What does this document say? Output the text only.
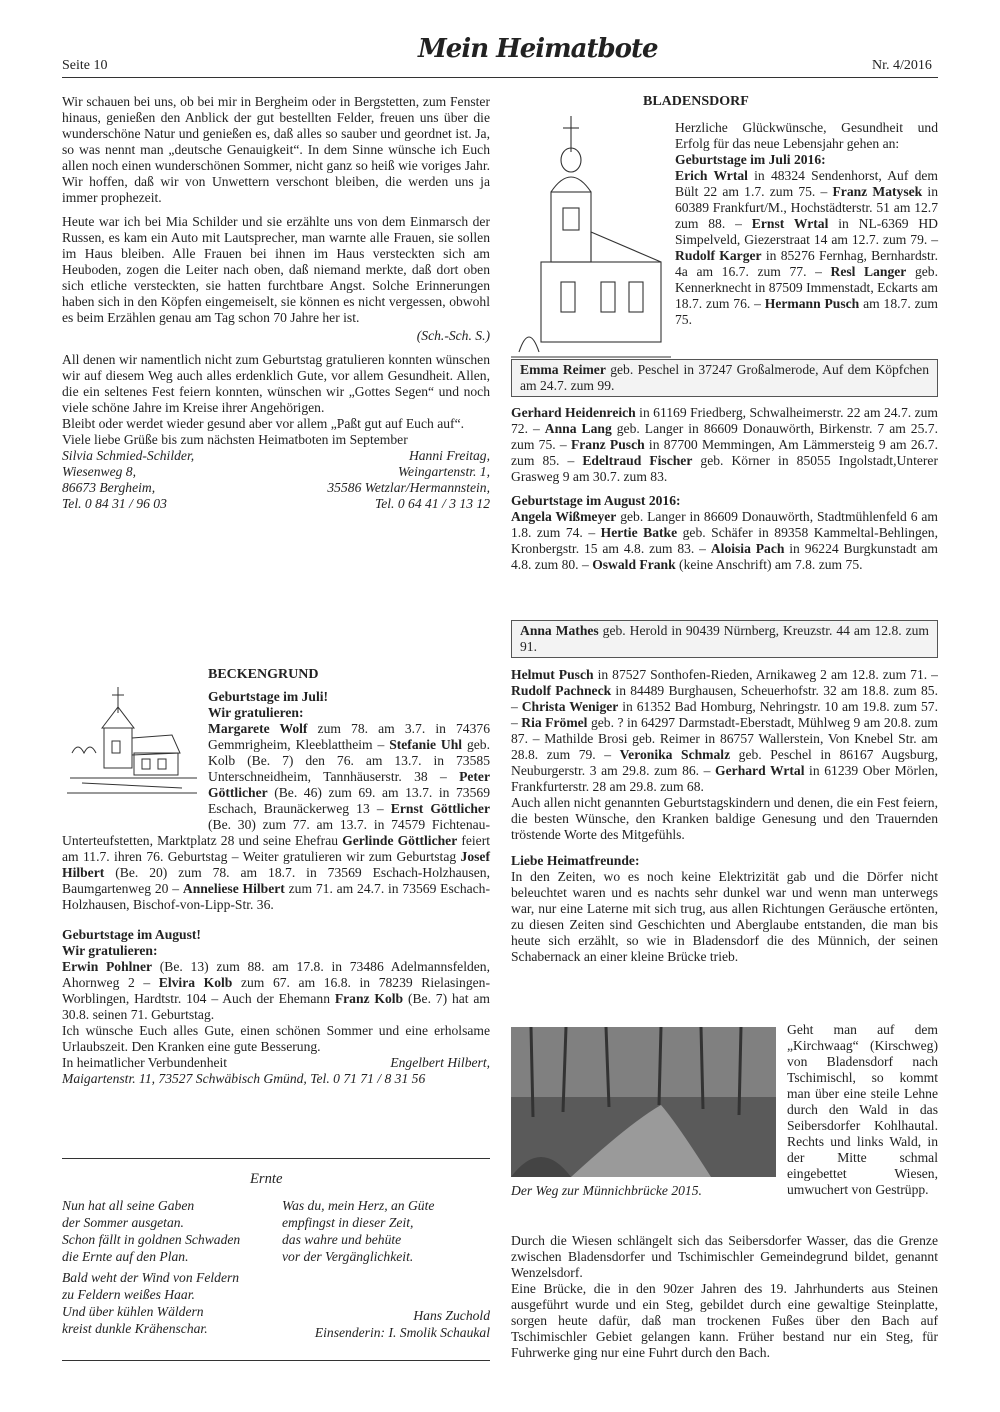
Seite 10
Mein Heimatbote
Nr. 4/2016

Wir schauen bei uns, ob bei mir in Bergheim oder in Bergstetten, zum Fenster hinaus, genießen den Anblick der gut bestellten Felder, freuen uns über die wunderschöne Natur und genießen es, daß alles so sauber und geordnet ist. Ja, so was nennt man „deutsche Genauigkeit“. In dem Sinne wünsche ich Euch allen noch einen wunderschönen Sommer, nicht ganz so heiß wie voriges Jahr. Wir hoffen, daß wir von Unwettern verschont bleiben, die werden uns ja immer prophezeit.

Heute war ich bei Mia Schilder und sie erzählte uns von dem Einmarsch der Russen, es kam ein Auto mit Lautsprecher, man warnte alle Frauen, sie sollen im Haus bleiben. Alle Frauen bei ihnen im Haus versteckten sich am Heuboden, zogen die Leiter nach oben, daß niemand merkte, daß dort oben sich etliche versteckten, sie hatten furchtbare Angst. Solche Erinnerungen haben sich in den Köpfen eingemeiselt, sie können es nicht vergessen, obwohl es beim Erzählen genau am Tag schon 70 Jahre her ist.

(Sch.-Sch. S.)
All denen wir namentlich nicht zum Geburtstag gratulieren konnten wünschen wir auf diesem Weg auch alles erdenklich Gute, vor allem Gesundheit. Allen, die ein seltenes Fest feiern konnten, wünschen wir „Gottes Segen“ und noch viele schöne Jahre im Kreise ihrer Angehörigen.
Bleibt oder werdet wieder gesund aber vor allem „Paßt gut auf Euch auf“.
Viele liebe Grüße bis zum nächsten Heimatboten im September
Silvia Schmied-Schilder,	Hanni Freitag,
Wiesenweg 8,	Weingartenstr. 1,
86673 Bergheim,	35586 Wetzlar/Hermannstein,
Tel. 0 84 31 / 96 03	Tel. 0 64 41 / 3 13 12
BECKENGRUND
Geburtstage im Juli!
Wir gratulieren:
Margarete Wolf zum 78. am 3.7. in 74376 Gemmrigheim, Kleeblattheim – Stefanie Uhl geb. Kolb (Be. 7) den 76. am 13.7. in 73585 Unterschneidheim, Tannhäuserstr. 38 – Peter Göttlicher (Be. 46) zum 69. am 13.7. in 73569 Eschach, Braunäckerweg 13 – Ernst Göttlicher (Be. 30) zum 77. am 13.7. in 74579 Fichtenau-Unterteufstetten, Marktplatz 28 und seine Ehefrau Gerlinde Göttlicher feiert am 11.7. ihren 76. Geburtstag – Weiter gratulieren wir zum Geburtstag Josef Hilbert (Be. 20) zum 78. am 18.7. in 73569 Eschach-Holzhausen, Baumgartenweg 20 – Anneliese Hilbert zum 71. am 24.7. in 73569 Eschach-Holzhausen, Bischof-von-Lipp-Str. 36.
Geburtstage im August!
Wir gratulieren:
Erwin Pohlner (Be. 13) zum 88. am 17.8. in 73486 Adelmannsfelden, Ahornweg 2 – Elvira Kolb zum 67. am 16.8. in 78239 Rielasingen-Worblingen, Hardtstr. 104 – Auch der Ehemann Franz Kolb (Be. 7) hat am 30.8. seinen 71. Geburtstag.
Ich wünsche Euch alles Gute, einen schönen Sommer und eine erholsame Urlaubszeit. Den Kranken eine gute Besserung.
In heimatlicher Verbundenheit	Engelbert Hilbert,
Maigartenstr. 11, 73527 Schwäbisch Gmünd, Tel. 0 71 71 / 8 31 56
Ernte
Nun hat all seine Gaben
der Sommer ausgetan.
Schon fällt in goldnen Schwaden
die Ernte auf den Plan.
Bald weht der Wind von Feldern
zu Feldern weißes Haar.
Und über kühlen Wäldern
kreist dunkle Krähenschar.
Was du, mein Herz, an Güte
empfingst in dieser Zeit,
das wahre und behüte
vor der Vergänglichkeit.
Hans Zuchold
Einsenderin: I. Smolik Schaukal
BLADENSDORF
Herzliche Glückwünsche, Gesundheit und Erfolg für das neue Lebensjahr gehen an:
Geburtstage im Juli 2016:
Erich Wrtal in 48324 Sendenhorst, Auf dem Bült 22 am 1.7. zum 75. – Franz Matysek in 60389 Frankfurt/M., Hochstädterstr. 51 am 12.7 zum 88. – Ernst Wrtal in NL-6369 HD Simpelveld, Giezerstraat 14 am 12.7. zum 79. – Rudolf Karger in 85276 Fernhag, Bernhardstr. 4a am 16.7. zum 77. – Resl Langer geb. Kennerknecht in 87509 Immenstadt, Eckarts am 18.7. zum 76. – Hermann Pusch am 18.7. zum 75.
Emma Reimer geb. Peschel in 37247 Großalmerode, Auf dem Köpfchen am 24.7. zum 99.
Gerhard Heidenreich in 61169 Friedberg, Schwalheimerstr. 22 am 24.7. zum 72. – Anna Lang geb. Langer in 86609 Donauwörth, Birkenstr. 7 am 25.7. zum 75. – Franz Pusch in 87700 Memmingen, Am Lämmersteig 9 am 26.7. zum 85. – Edeltraud Fischer geb. Körner in 85055 Ingolstadt,Unterer Grasweg 9 am 30.7. zum 83.
Geburtstage im August 2016:
Angela Wißmeyer geb. Langer in 86609 Donauwörth, Stadtmühlenfeld 6 am 1.8. zum 74. – Hertie Batke geb. Schäfer in 89358 Kammeltal-Behlingen, Kronbergstr. 15 am 4.8. zum 83. – Aloisia Pach in 96224 Burgkunstadt am 4.8. zum 80. – Oswald Frank (keine Anschrift) am 7.8. zum 75.
Anna Mathes geb. Herold in 90439 Nürnberg, Kreuzstr. 44 am 12.8. zum 91.
Helmut Pusch in 87527 Sonthofen-Rieden, Arnikaweg 2 am 12.8. zum 71. – Rudolf Pachneck in 84489 Burghausen, Scheuerhofstr. 32 am 18.8. zum 85. – Christa Weniger in 61352 Bad Homburg, Nehringstr. 10 am 19.8. zum 57. – Ria Frömel geb. ? in 64297 Darmstadt-Eberstadt, Mühlweg 9 am 20.8. zum 87. – Mathilde Brosi geb. Reimer in 86757 Wallerstein, Von Knebel Str. am 28.8. zum 79. – Veronika Schmalz geb. Peschel in 86167 Augsburg, Neuburgerstr. 3 am 29.8. zum 86. – Gerhard Wrtal in 61239 Ober Mörlen, Frankfurterstr. 28 am 29.8. zum 68.
Auch allen nicht genannten Geburtstagskindern und denen, die ein Fest feiern, die besten Wünsche, den Kranken baldige Genesung und den Trauernden tröstende Worte des Mitgefühls.
Liebe Heimatfreunde:
In den Zeiten, wo es noch keine Elektrizität gab und die Dörfer nicht beleuchtet waren und es nachts sehr dunkel war und wenn man unterwegs war, nur eine Laterne mit sich trug, aus allen Richtungen Geräusche ertönten, zu diesen Zeiten sind Geschichten und Aberglaube entstanden, die man bis heute sich erzählt, so wie in Bladensdorf die des Münnich, der seinen Schabernack an einer kleine Brücke trieb.
Der Weg zur Münnichbrücke 2015.
Geht man auf dem „Kirchwaag“ (Kirschweg) von Bladensdorf nach Tschimischl, so kommt man über eine steile Lehne durch den Wald in das Seibersdorfer Kohlhautal. Rechts und links Wald, in der Mitte schmal eingebettet Wiesen, umwuchert von Gestrüpp.
Durch die Wiesen schlängelt sich das Seibersdorfer Wasser, das die Grenze zwischen Bladensdorfer und Tschimischler Gemeindegrund bildet, genannt Wenzelsdorf.
Eine Brücke, die in den 90zer Jahren des 19. Jahrhunderts aus Steinen ausgeführt wurde und ein Steg, gebildet durch eine gewaltige Steinplatte, sorgen heute dafür, daß man trockenen Fußes über den Bach auf Tschimischler Gebiet gelangen kann. Früher bestand nur ein Steg, für Fuhrwerke ging nur eine Fuhrt durch den Bach.
